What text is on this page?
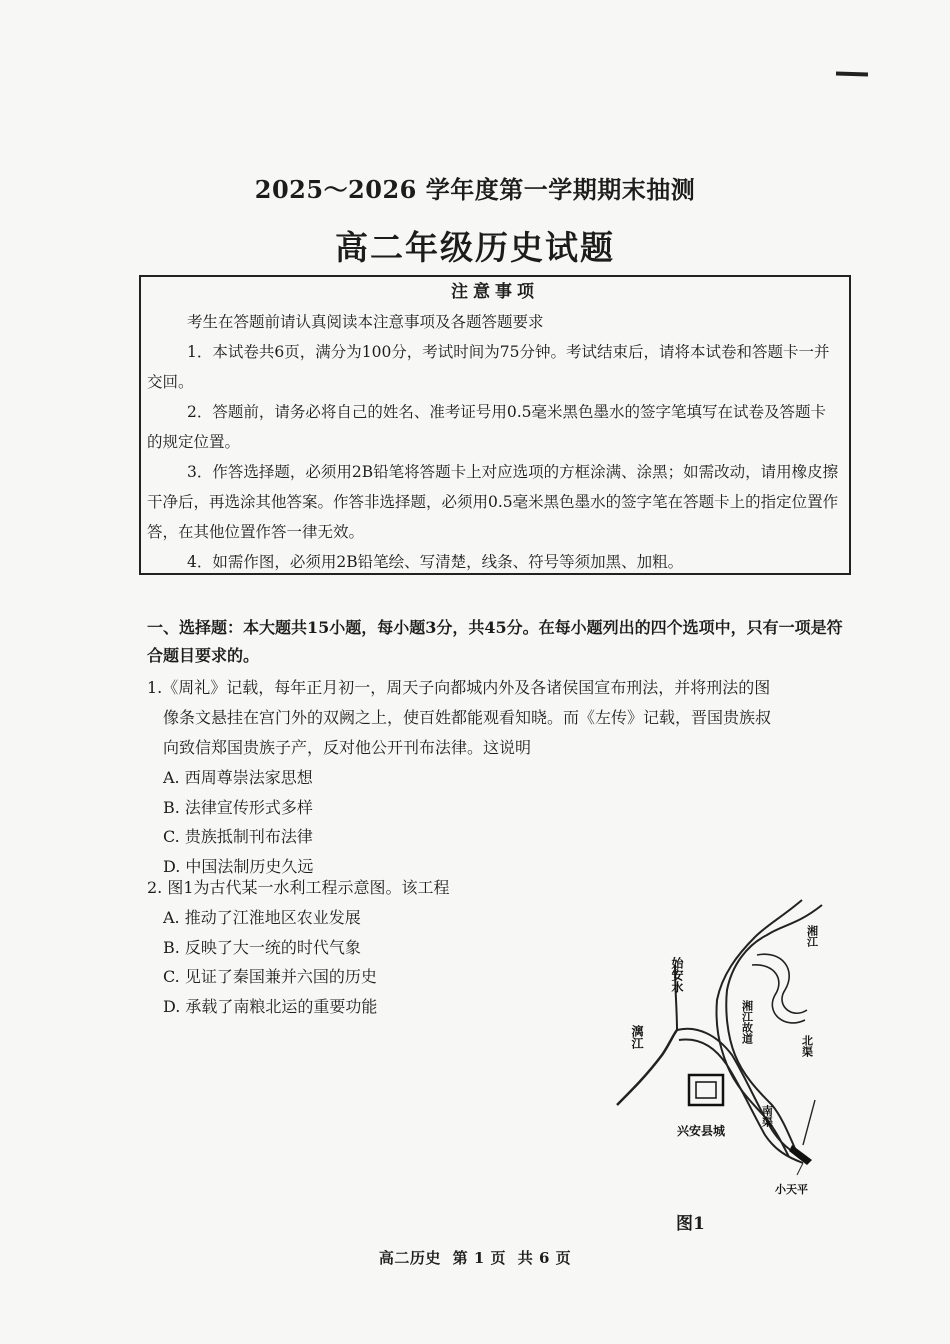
2025～2026 学年度第一学期期末抽测
高二年级历史试题
注意事项

考生在答题前请认真阅读本注意事项及各题答题要求

1．本试卷共6页，满分为100分，考试时间为75分钟。考试结束后，请将本试卷和答题卡一并交回。

2．答题前，请务必将自己的姓名、准考证号用0.5毫米黑色墨水的签字笔填写在试卷及答题卡的规定位置。

3．作答选择题，必须用2B铅笔将答题卡上对应选项的方框涂满、涂黑；如需改动，请用橡皮擦干净后，再选涂其他答案。作答非选择题，必须用0.5毫米黑色墨水的签字笔在答题卡上的指定位置作答，在其他位置作答一律无效。

4．如需作图，必须用2B铅笔绘、写清楚，线条、符号等须加黑、加粗。

一、选择题：本大题共15小题，每小题3分，共45分。在每小题列出的四个选项中，只有一项是符合题目要求的。

1.《周礼》记载，每年正月初一，周天子向都城内外及各诸侯国宣布刑法，并将刑法的图

像条文悬挂在宫门外的双阙之上，使百姓都能观看知晓。而《左传》记载，晋国贵族叔

向致信郑国贵族子产，反对他公开刊布法律。这说明

A. 西周尊崇法家思想
B. 法律宣传形式多样
C. 贵族抵制刊布法律
D. 中国法制历史久远

2. 图1为古代某一水利工程示意图。该工程

A. 推动了江淮地区农业发展
B. 反映了大一统的时代气象
C. 见证了秦国兼并六国的历史
D. 承载了南粮北运的重要功能
始安水
漓江
湘江
湘江故道
南渠
北渠
兴安县城
小天平
图1
高二历史 第 1 页 共 6 页
